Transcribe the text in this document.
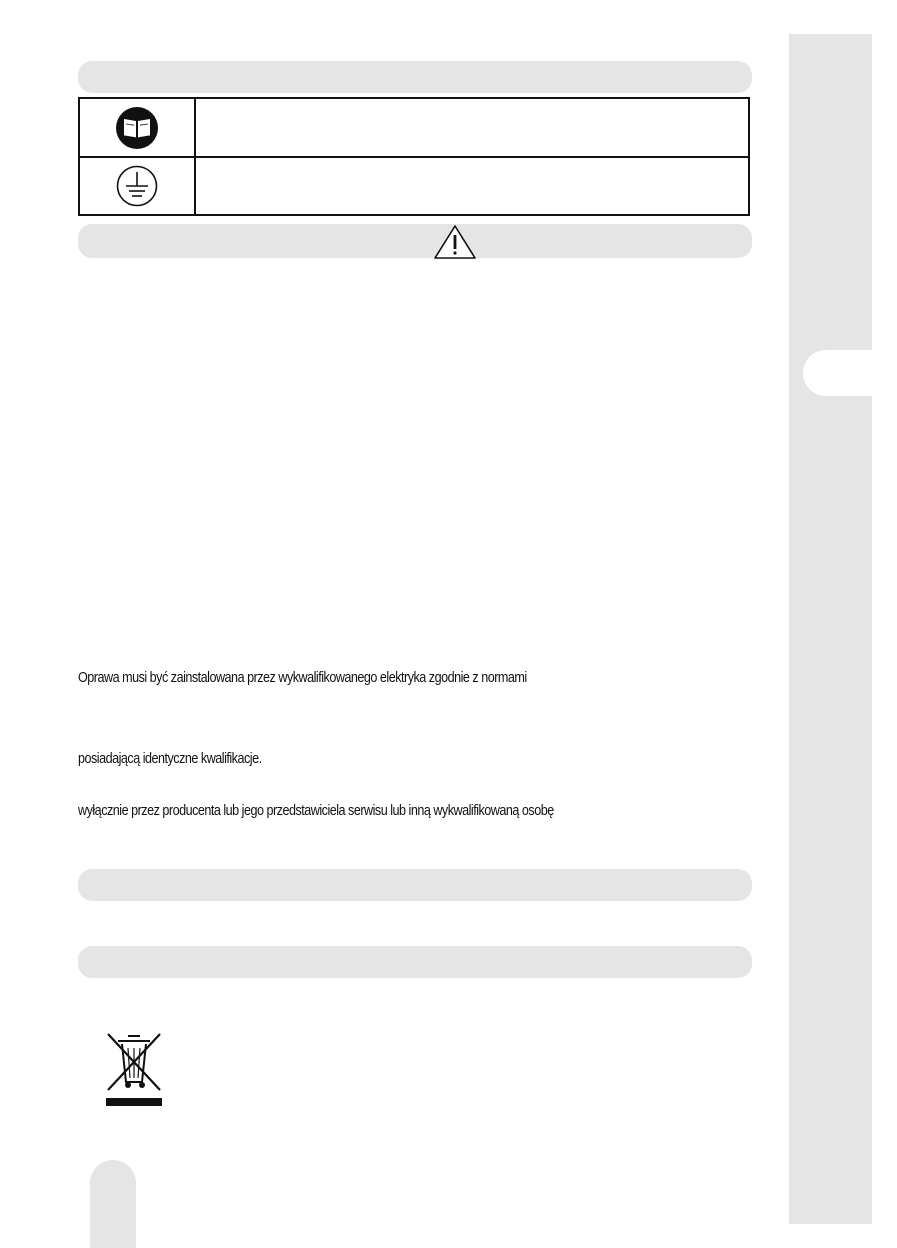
Oprawa musi być zainstalowana przez wykwalifikowanego elektryka zgodnie z normami

posiadającą identyczne kwalifikacje.

wyłącznie przez producenta lub jego przedstawiciela serwisu lub inną wykwalifikowaną osobę
